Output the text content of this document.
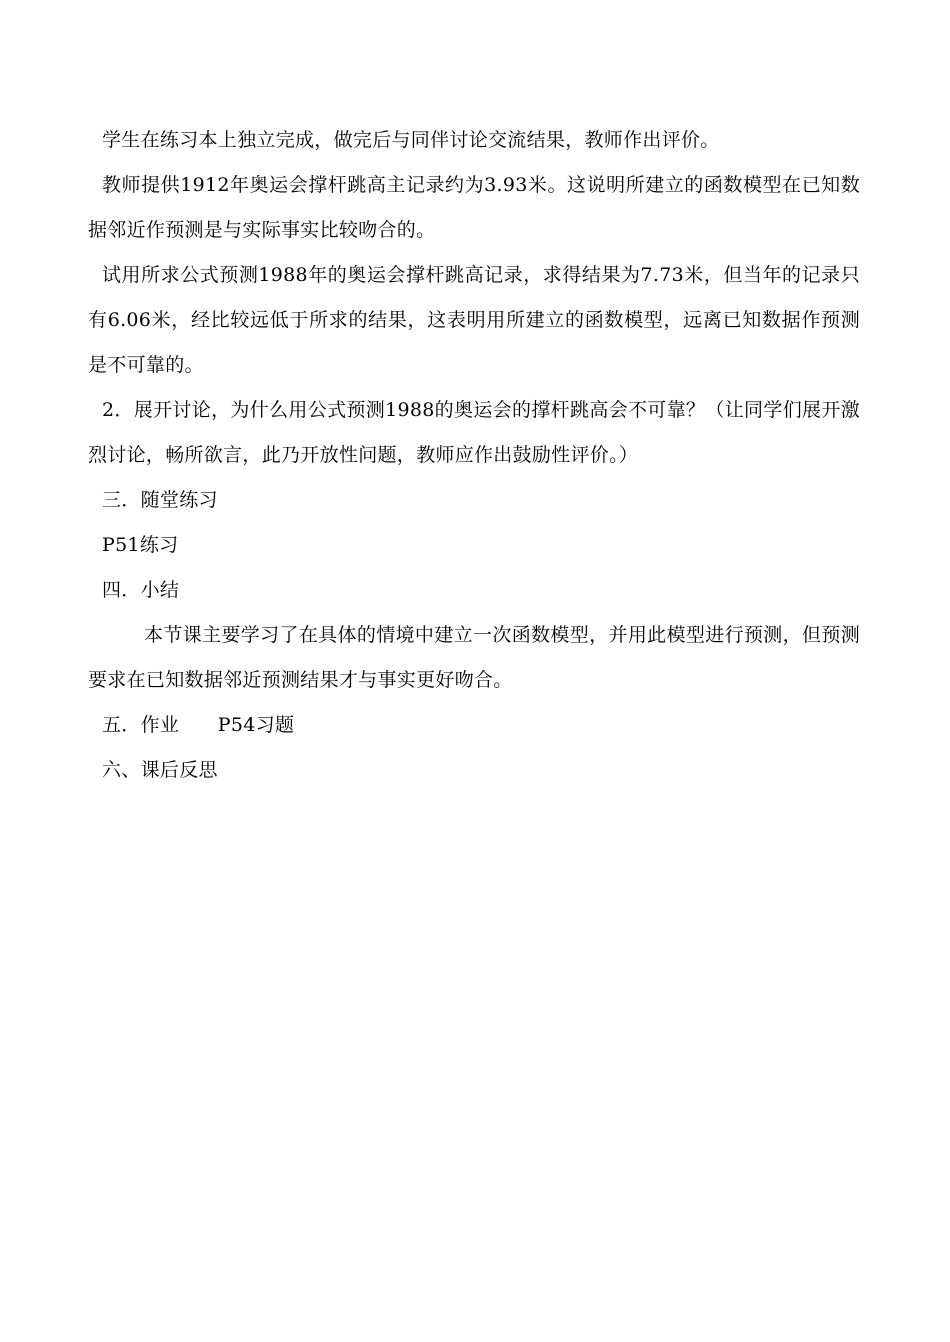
学生在练习本上独立完成，做完后与同伴讨论交流结果，教师作出评价。

教师提供1912年奥运会撑杆跳高主记录约为3.93米。这说明所建立的函数模型在已知数据邻近作预测是与实际事实比较吻合的。

试用所求公式预测1988年的奥运会撑杆跳高记录，求得结果为7.73米，但当年的记录只有6.06米，经比较远低于所求的结果，这表明用所建立的函数模型，远离已知数据作预测是不可靠的。

2．展开讨论，为什么用公式预测1988的奥运会的撑杆跳高会不可靠？（让同学们展开激烈讨论，畅所欲言，此乃开放性问题，教师应作出鼓励性评价。）

三．随堂练习

P51练习

四．小结

本节课主要学习了在具体的情境中建立一次函数模型，并用此模型进行预测，但预测要求在已知数据邻近预测结果才与事实更好吻合。

五．作业　　P54习题

六、课后反思
